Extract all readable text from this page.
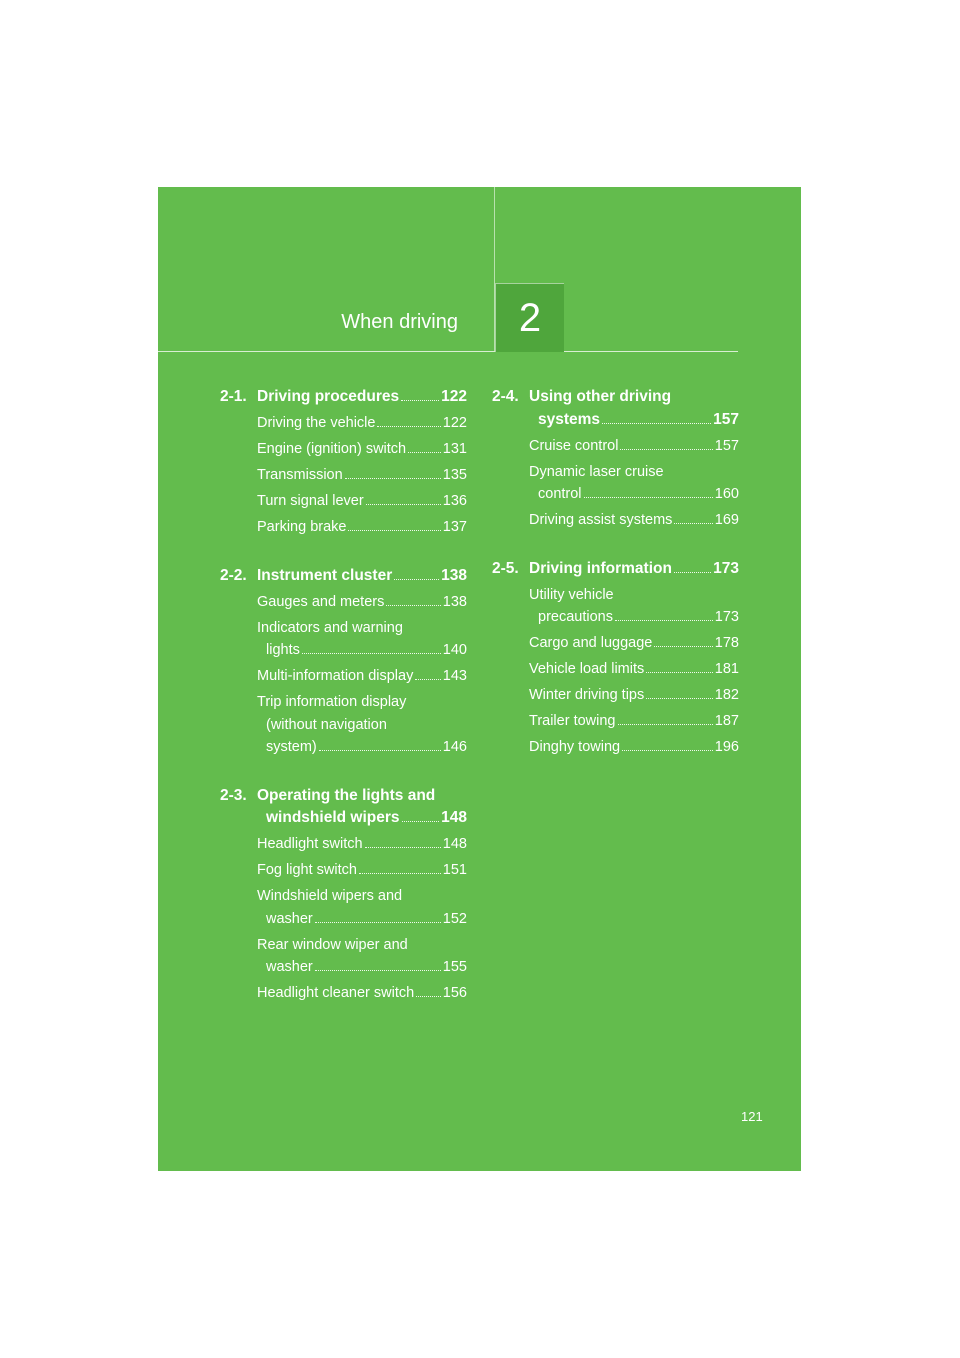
When driving 2
2-1. Driving procedures	122
Driving the vehicle	122
Engine (ignition) switch	131
Transmission	135
Turn signal lever	136
Parking brake	137
2-2. Instrument cluster	138
Gauges and meters	138
Indicators and warning
lights	140
Multi-information display 143
Trip information display
(without navigation
system)	146
2-3. Operating the lights and
windshield wipers	148
Headlight switch	148
Fog light switch	151
Windshield wipers and
washer	152
Rear window wiper and
washer	155
Headlight cleaner switch 156
2-4. Using other driving
systems	157
Cruise control	157
Dynamic laser cruise
control	160
Driving assist systems	169
2-5. Driving information	173
Utility vehicle
precautions	173
Cargo and luggage	178
Vehicle load limits	181
Winter driving tips	182
Trailer towing	187
Dinghy towing	196
121
